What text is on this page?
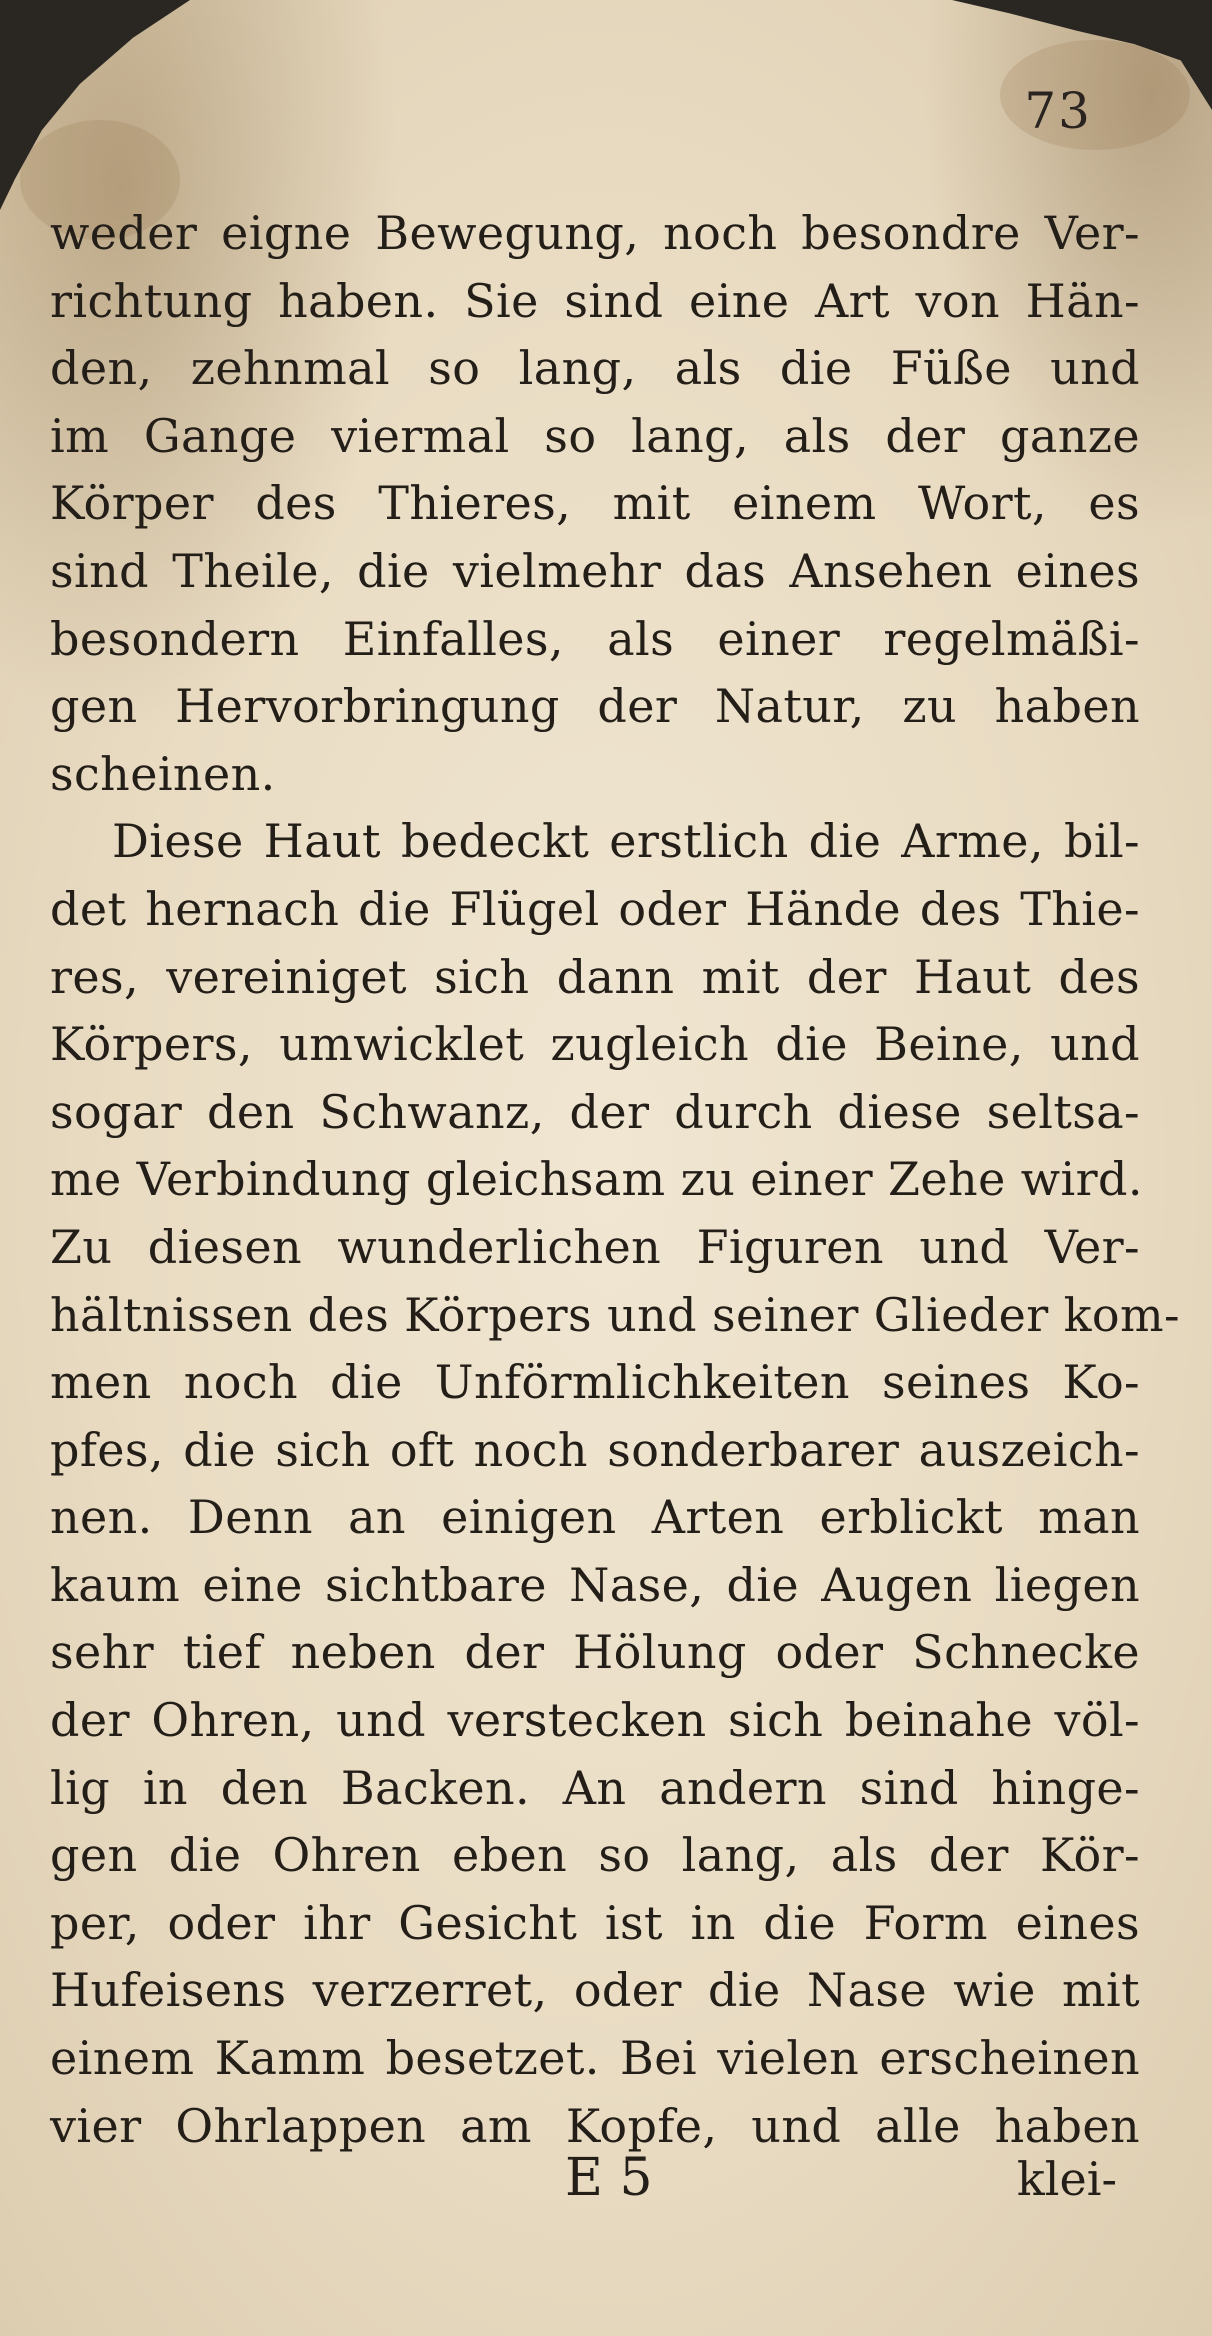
73
weder eigne Bewegung, noch besondre Ver-
richtung haben. Sie sind eine Art von Hän-
den, zehnmal so lang, als die Füße und
im Gange viermal so lang, als der ganze
Körper des Thieres, mit einem Wort, es
sind Theile, die vielmehr das Ansehen eines
besondern Einfalles, als einer regelmäßi-
gen Hervorbringung der Natur, zu haben
scheinen.
Diese Haut bedeckt erstlich die Arme, bil-
det hernach die Flügel oder Hände des Thie-
res, vereiniget sich dann mit der Haut des
Körpers, umwicklet zugleich die Beine, und
sogar den Schwanz, der durch diese seltsa-
me Verbindung gleichsam zu einer Zehe wird.
Zu diesen wunderlichen Figuren und Ver-
hältnissen des Körpers und seiner Glieder kom-
men noch die Unförmlichkeiten seines Ko-
pfes, die sich oft noch sonderbarer auszeich-
nen. Denn an einigen Arten erblickt man
kaum eine sichtbare Nase, die Augen liegen
sehr tief neben der Hölung oder Schnecke
der Ohren, und verstecken sich beinahe völ-
lig in den Backen. An andern sind hinge-
gen die Ohren eben so lang, als der Kör-
per, oder ihr Gesicht ist in die Form eines
Hufeisens verzerret, oder die Nase wie mit
einem Kamm besetzet. Bei vielen erscheinen
vier Ohrlappen am Kopfe, und alle haben
E 5	klei-
